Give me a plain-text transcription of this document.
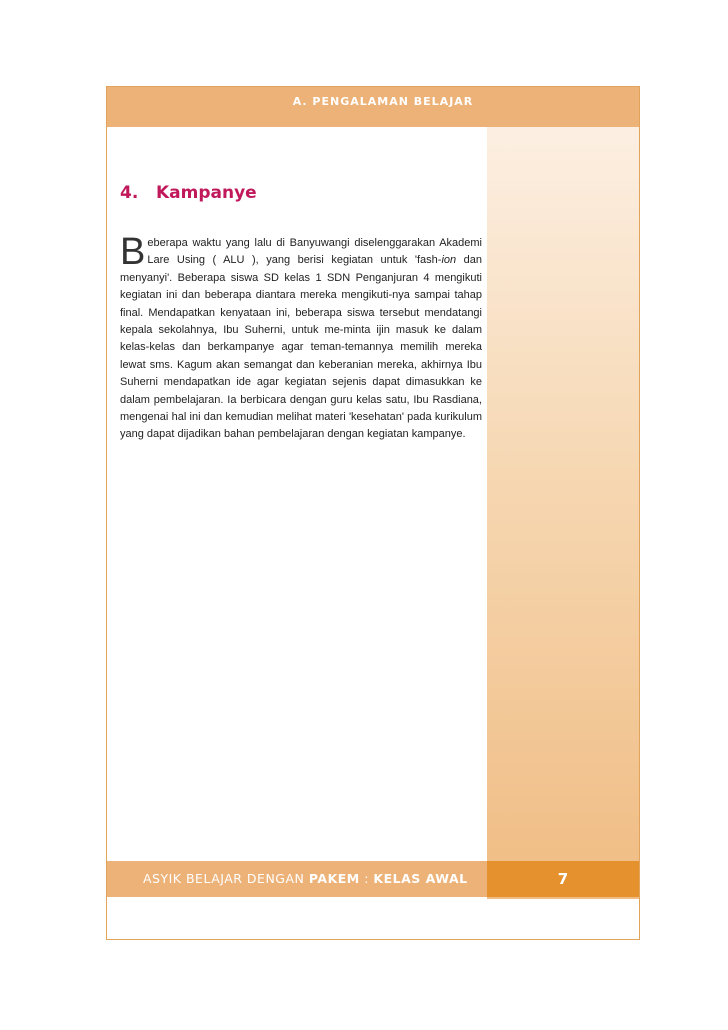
A. PENGALAMAN BELAJAR
4. Kampanye

Beberapa waktu yang lalu di Banyuwangi diselenggarakan Akademi Lare Using ( ALU ), yang berisi kegiatan untuk 'fash-ion dan menyanyi'. Beberapa siswa SD kelas 1 SDN Penganjuran 4 mengikuti kegiatan ini dan beberapa diantara mereka mengikuti-nya sampai tahap final. Mendapatkan kenyataan ini, beberapa siswa tersebut mendatangi kepala sekolahnya, Ibu Suherni, untuk me-minta ijin masuk ke dalam kelas-kelas dan berkampanye agar teman-temannya memilih mereka lewat sms. Kagum akan semangat dan keberanian mereka, akhirnya Ibu Suherni mendapatkan ide agar kegiatan sejenis dapat dimasukkan ke dalam pembelajaran. Ia berbicara dengan guru kelas satu, Ibu Rasdiana, mengenai hal ini dan kemudian melihat materi 'kesehatan' pada kurikulum yang dapat dijadikan bahan pembelajaran dengan kegiatan kampanye.

ASYIK BELAJAR DENGAN PAKEM : KELAS AWAL	7
